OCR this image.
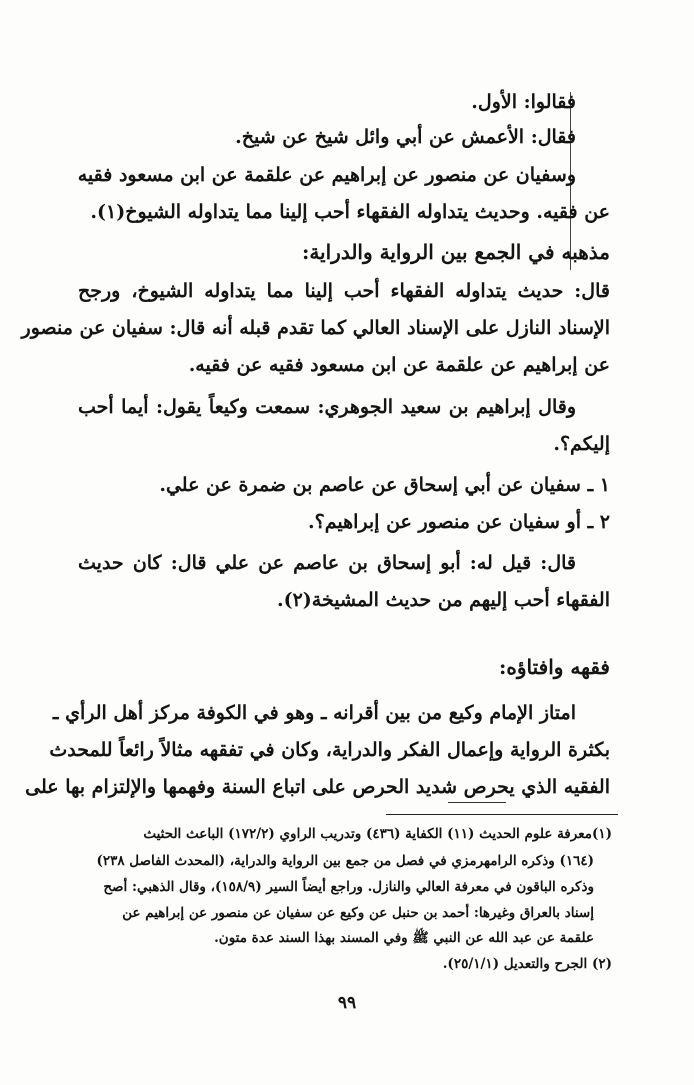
فقالوا: الأول.
فقال: الأعمش عن أبي وائل شيخ عن شيخ.
وسفيان عن منصور عن إبراهيم عن علقمة عن ابن مسعود فقيه
عن فقيه. وحديث يتداوله الفقهاء أحب إلينا مما يتداوله الشيوخ(١).
مذهبه في الجمع بين الرواية والدراية:
قال: حديث يتداوله الفقهاء أحب إلينا مما يتداوله الشيوخ، ورجح
الإسناد النازل على الإسناد العالي كما تقدم قبله أنه قال: سفيان عن منصور
عن إبراهيم عن علقمة عن ابن مسعود فقيه عن فقيه.
وقال إبراهيم بن سعيد الجوهري: سمعت وكيعاً يقول: أيما أحب
إليكم؟.
١ ـ سفيان عن أبي إسحاق عن عاصم بن ضمرة عن علي.
٢ ـ أو سفيان عن منصور عن إبراهيم؟.
قال: قيل له: أبو إسحاق بن عاصم عن علي قال: كان حديث
الفقهاء أحب إليهم من حديث المشيخة(٢).
فقهه وافتاؤه:
امتاز الإمام وكيع من بين أقرانه ـ وهو في الكوفة مركز أهل الرأي ـ
بكثرة الرواية وإعمال الفكر والدراية، وكان في تفقهه مثالاً رائعاً للمحدث
الفقيه الذي يحرص شديد الحرص على اتباع السنة وفهمها والإلتزام بها على
(١)معرفة علوم الحديث (١١) الكفاية (٤٣٦) وتدريب الراوي (١٧٢/٢) الباعث الحثيث
(١٦٤) وذكره الرامهرمزي في فصل من جمع بين الرواية والدراية، (المحدث الفاصل ٢٣٨)
وذكره الباقون في معرفة العالي والنازل. وراجع أيضاً السير (١٥٨/٩)، وقال الذهبي: أصح
إسناد بالعراق وغيرها: أحمد بن حنبل عن وكيع عن سفيان عن منصور عن إبراهيم عن
علقمة عن عبد الله عن النبي ﷺ وفي المسند بهذا السند عدة متون.
(٢) الجرح والتعديل (٢٥/١/١).
٩٩
